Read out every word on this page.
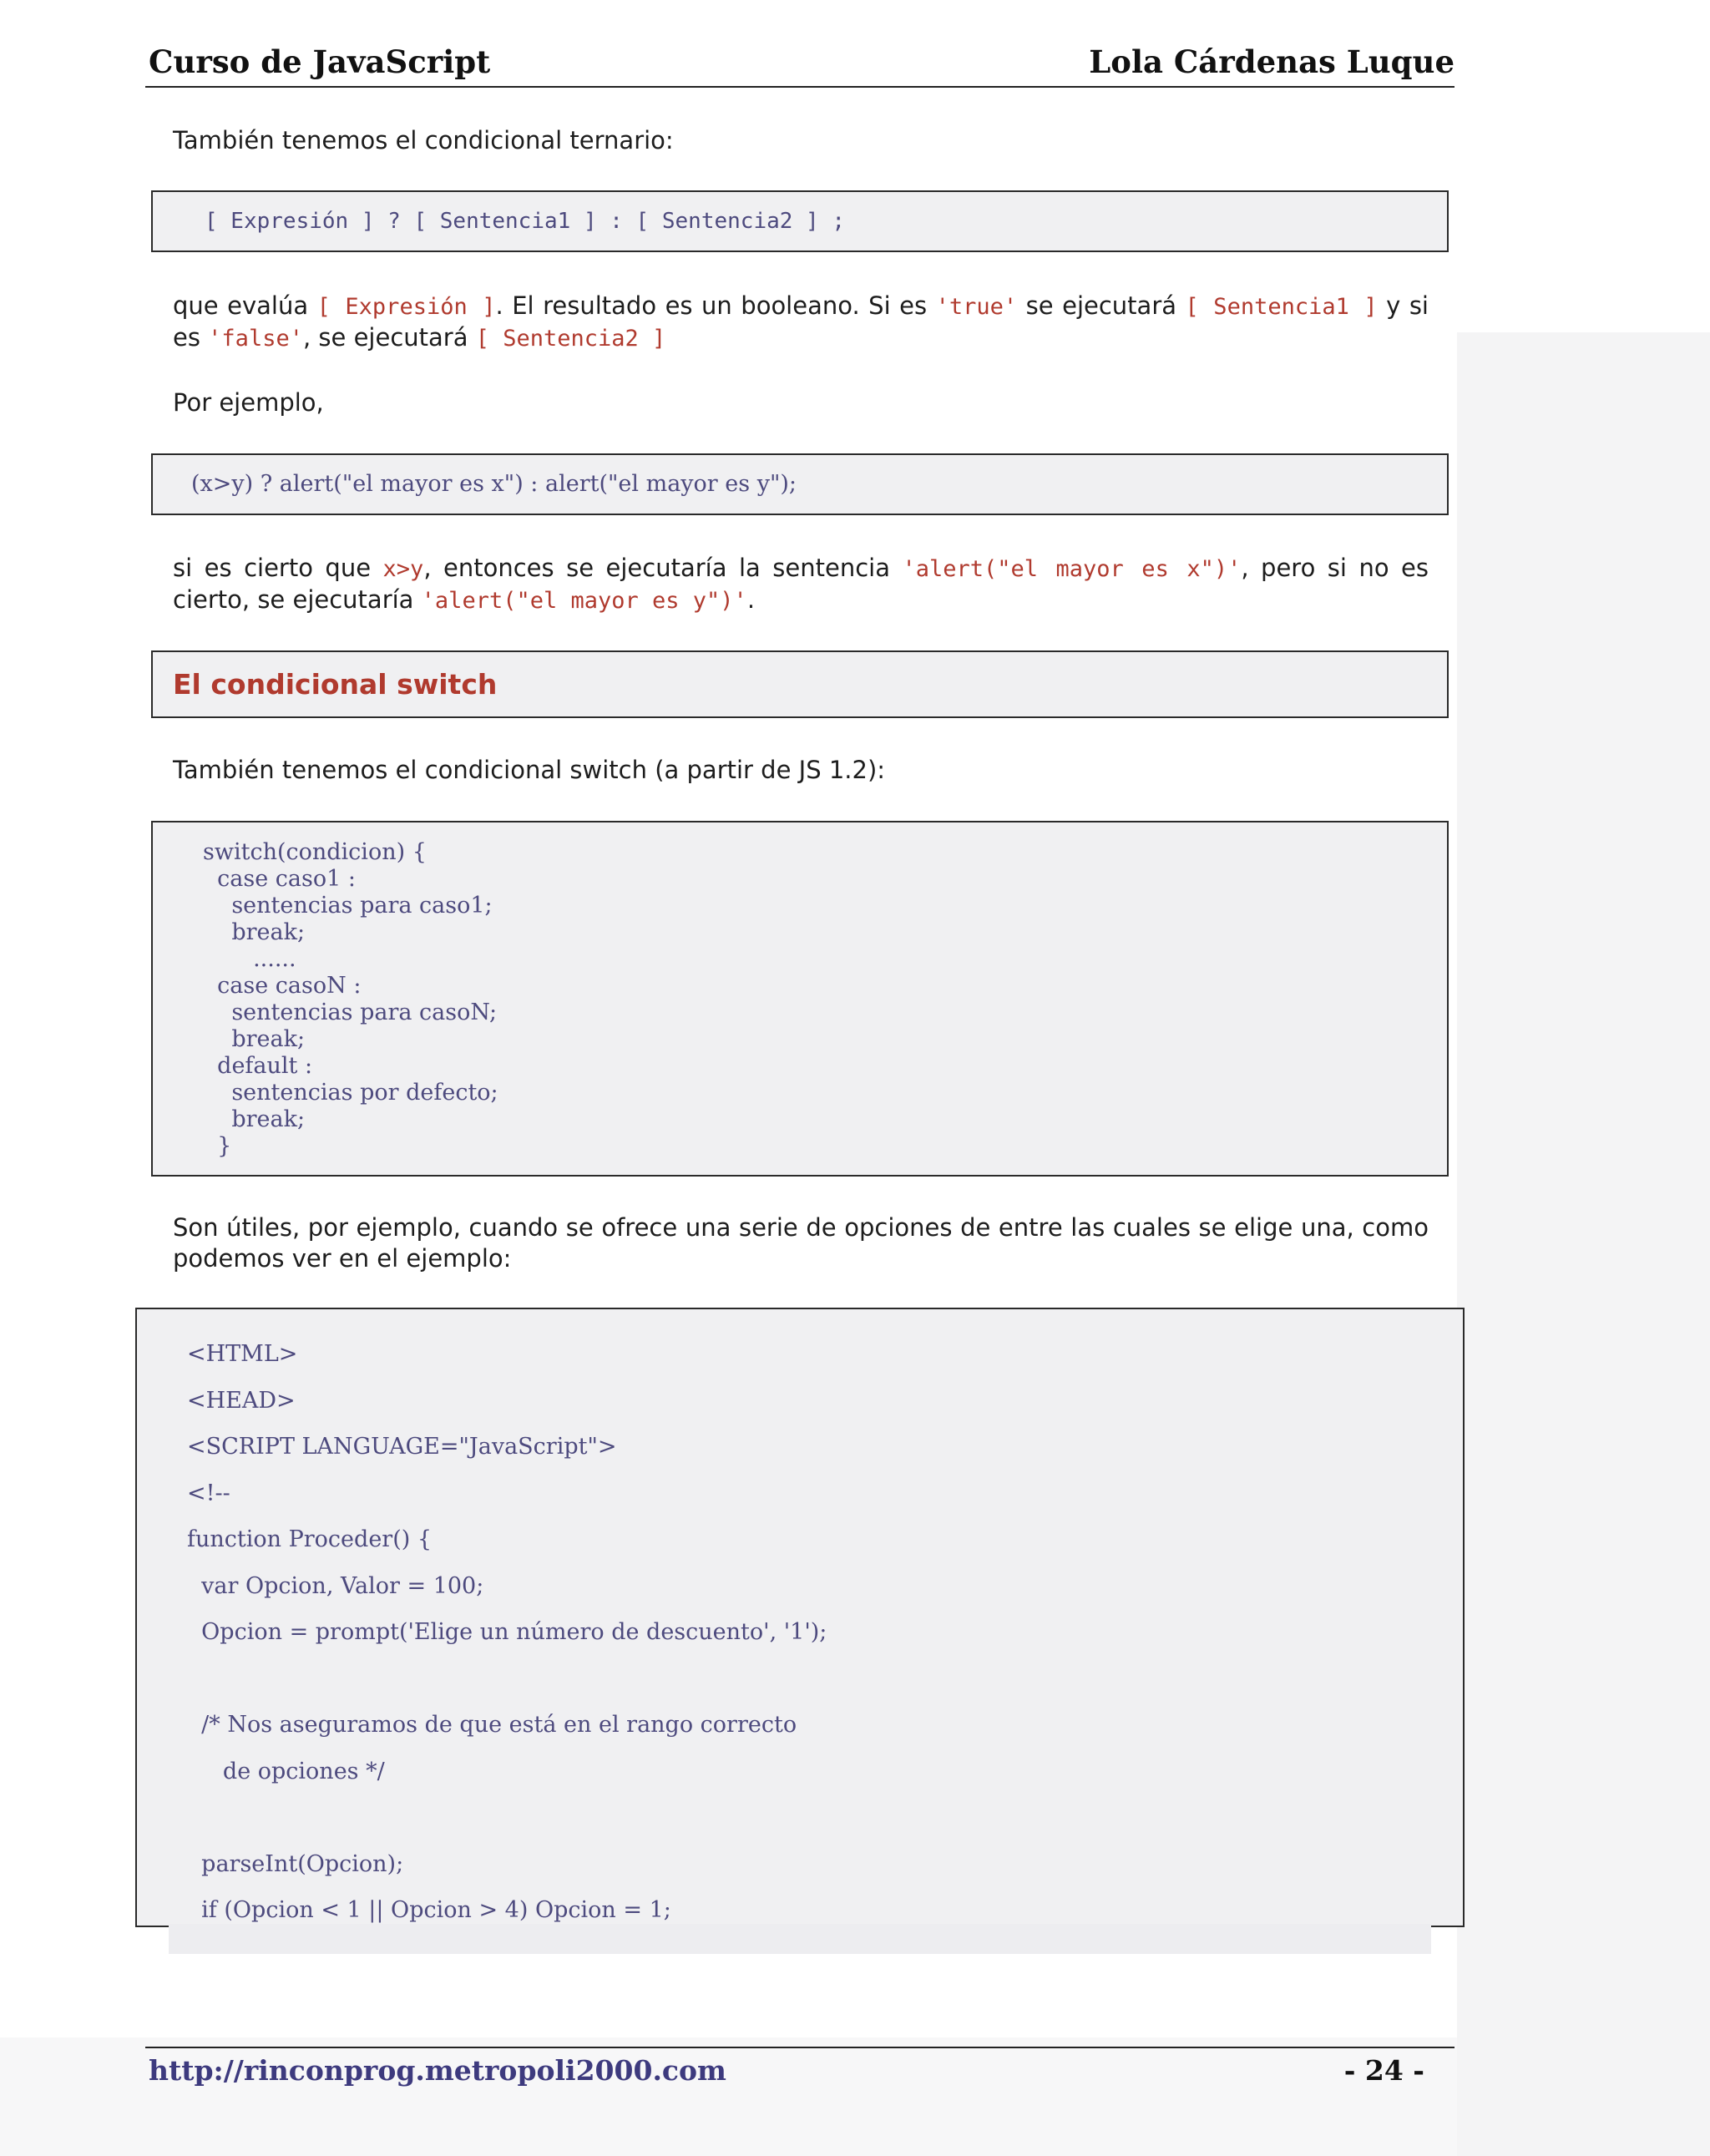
Curso de JavaScript	Lola Cárdenas Luque
También tenemos el condicional ternario:
[ Expresión ] ? [ Sentencia1 ] : [ Sentencia2 ] ;
que evalúa [ Expresión ]. El resultado es un booleano. Si es 'true' se ejecutará [ Sentencia1 ] y si es 'false', se ejecutará [ Sentencia2 ]
Por ejemplo,
(x>y) ? alert("el mayor es x") : alert("el mayor es y");
si es cierto que x>y, entonces se ejecutaría la sentencia 'alert("el mayor es x")', pero si no es cierto, se ejecutaría 'alert("el mayor es y")'.
El condicional switch
También tenemos el condicional switch (a partir de JS 1.2):
switch(condicion) {
case caso1 :
sentencias para caso1;
break;
......
case casoN :
sentencias para casoN;
break;
default :
sentencias por defecto;
break;
}
Son útiles, por ejemplo, cuando se ofrece una serie de opciones de entre las cuales se elige una, como podemos ver en el ejemplo:
<HTML>
<HEAD>
<SCRIPT LANGUAGE="JavaScript">
<!--
function Proceder() {
var Opcion, Valor = 100;
Opcion = prompt('Elige un número de descuento', '1');
/* Nos aseguramos de que está en el rango correcto
de opciones */
parseInt(Opcion);
if (Opcion < 1 || Opcion > 4) Opcion = 1;
http://rinconprog.metropoli2000.com	- 24 -
